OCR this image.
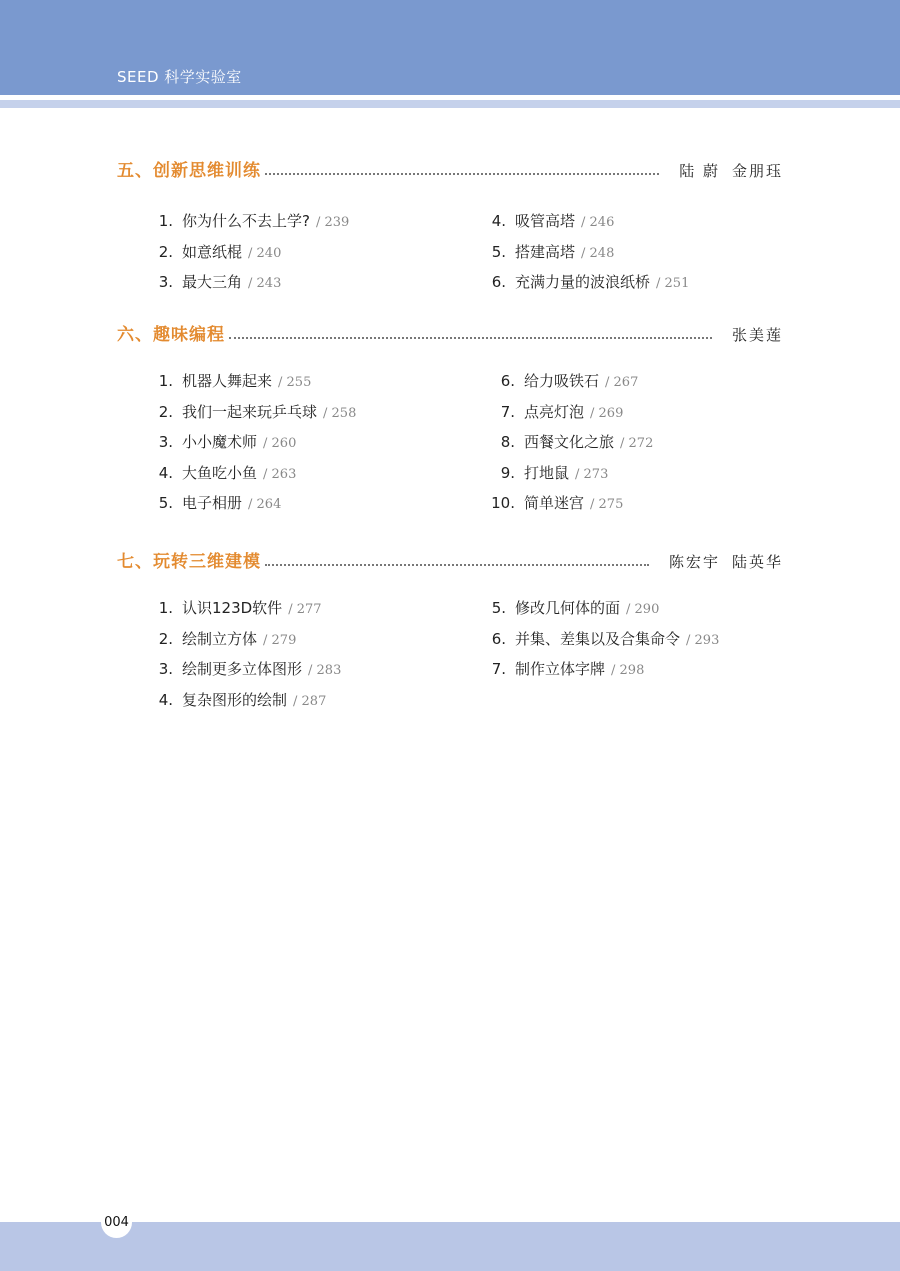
SEED 科学实验室
五、创新思维训练	陆 蔚 金朋珏
1. 你为什么不去上学? / 239
2. 如意纸棍 / 240
3. 最大三角 / 243
4. 吸管高塔 / 246
5. 搭建高塔 / 248
6. 充满力量的波浪纸桥 / 251
六、趣味编程	张美莲
1. 机器人舞起来 / 255
2. 我们一起来玩乒乓球 / 258
3. 小小魔术师 / 260
4. 大鱼吃小鱼 / 263
5. 电子相册 / 264
6. 给力吸铁石 / 267
7. 点亮灯泡 / 269
8. 西餐文化之旅 / 272
9. 打地鼠 / 273
10. 简单迷宫 / 275
七、玩转三维建模	陈宏宇 陆英华
1. 认识123D软件 / 277
2. 绘制立方体 / 279
3. 绘制更多立体图形 / 283
4. 复杂图形的绘制 / 287
5. 修改几何体的面 / 290
6. 并集、差集以及合集命令 / 293
7. 制作立体字牌 / 298
004
